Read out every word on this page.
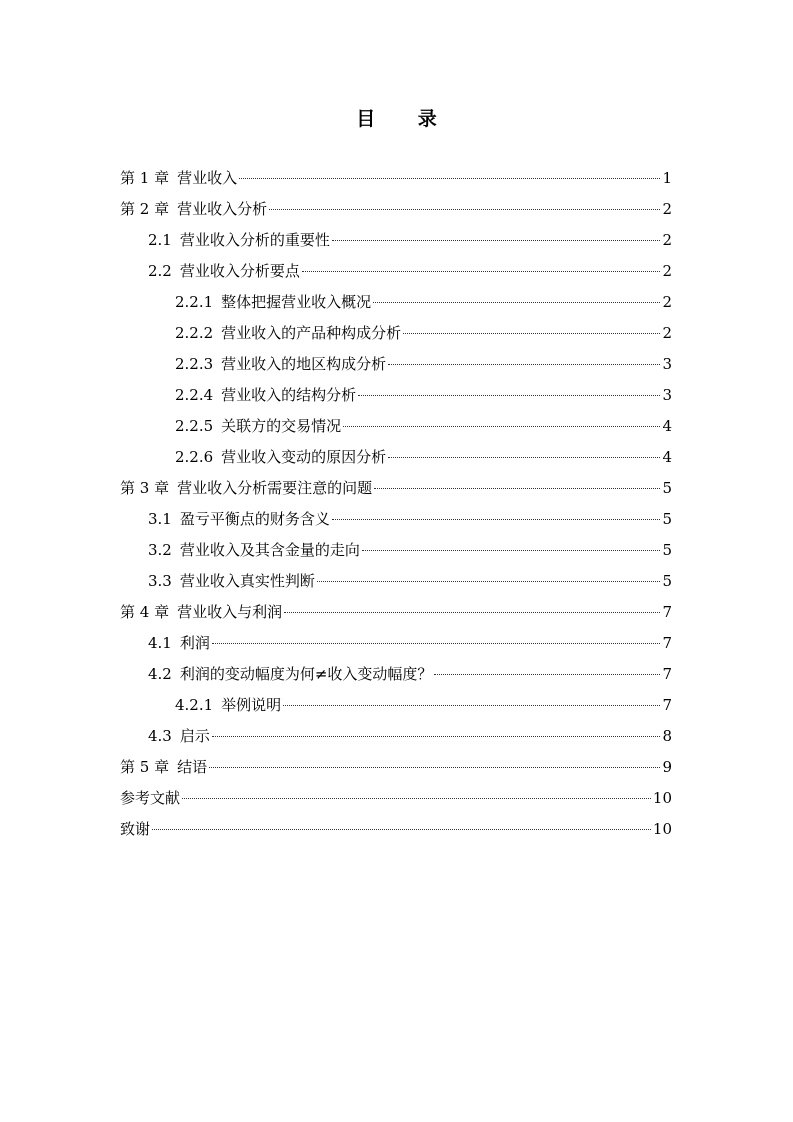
目 录
第 1 章 营业收入	1
第 2 章 营业收入分析	2
2.1 营业收入分析的重要性	2
2.2 营业收入分析要点	2
2.2.1 整体把握营业收入概况	2
2.2.2 营业收入的产品种构成分析	2
2.2.3 营业收入的地区构成分析	3
2.2.4 营业收入的结构分析	3
2.2.5 关联方的交易情况	4
2.2.6 营业收入变动的原因分析	4
第 3 章 营业收入分析需要注意的问题	5
3.1 盈亏平衡点的财务含义	5
3.2 营业收入及其含金量的走向	5
3.3 营业收入真实性判断	5
第 4 章 营业收入与利润	7
4.1 利润	7
4.2 利润的变动幅度为何≠收入变动幅度？	7
4.2.1 举例说明	7
4.3 启示	8
第 5 章 结语	9
参考文献	10
致谢	10
